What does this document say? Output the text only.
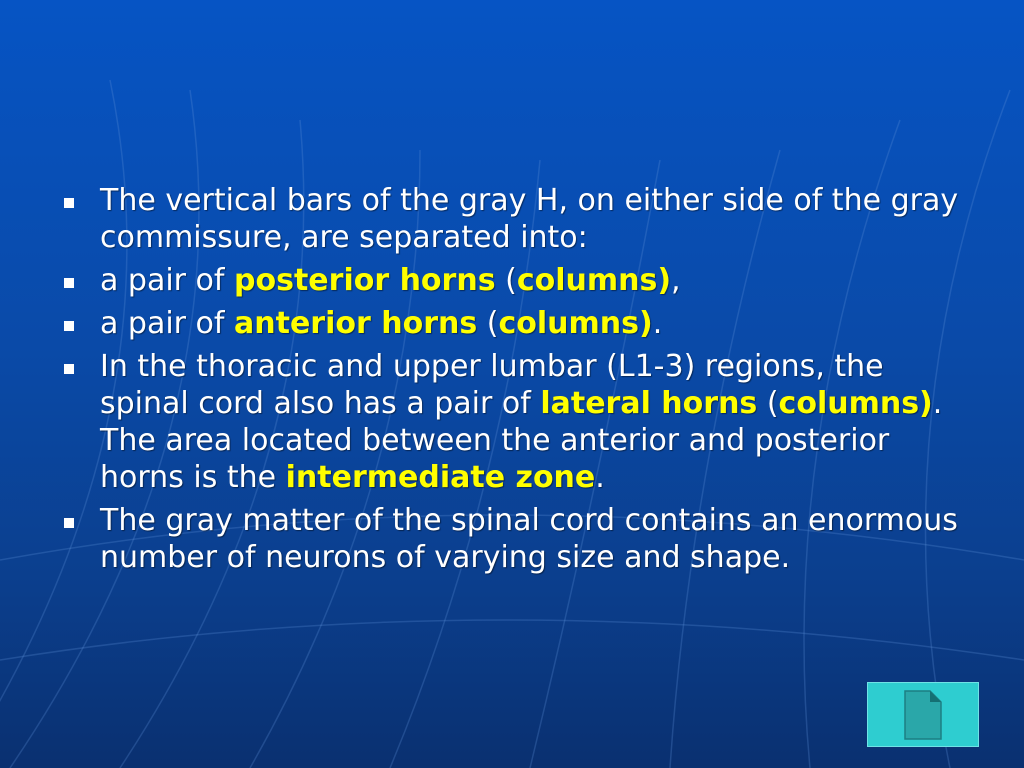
The vertical bars of the gray H, on either side of the gray commissure, are separated into:
a pair of posterior horns (columns),
a pair of anterior horns (columns).
In the thoracic and upper lumbar (L1-3) regions, the spinal cord also has a pair of lateral horns (columns). The area located between the anterior and posterior horns is the intermediate zone.
The gray matter of the spinal cord contains an enormous number of neurons of varying size and shape.
